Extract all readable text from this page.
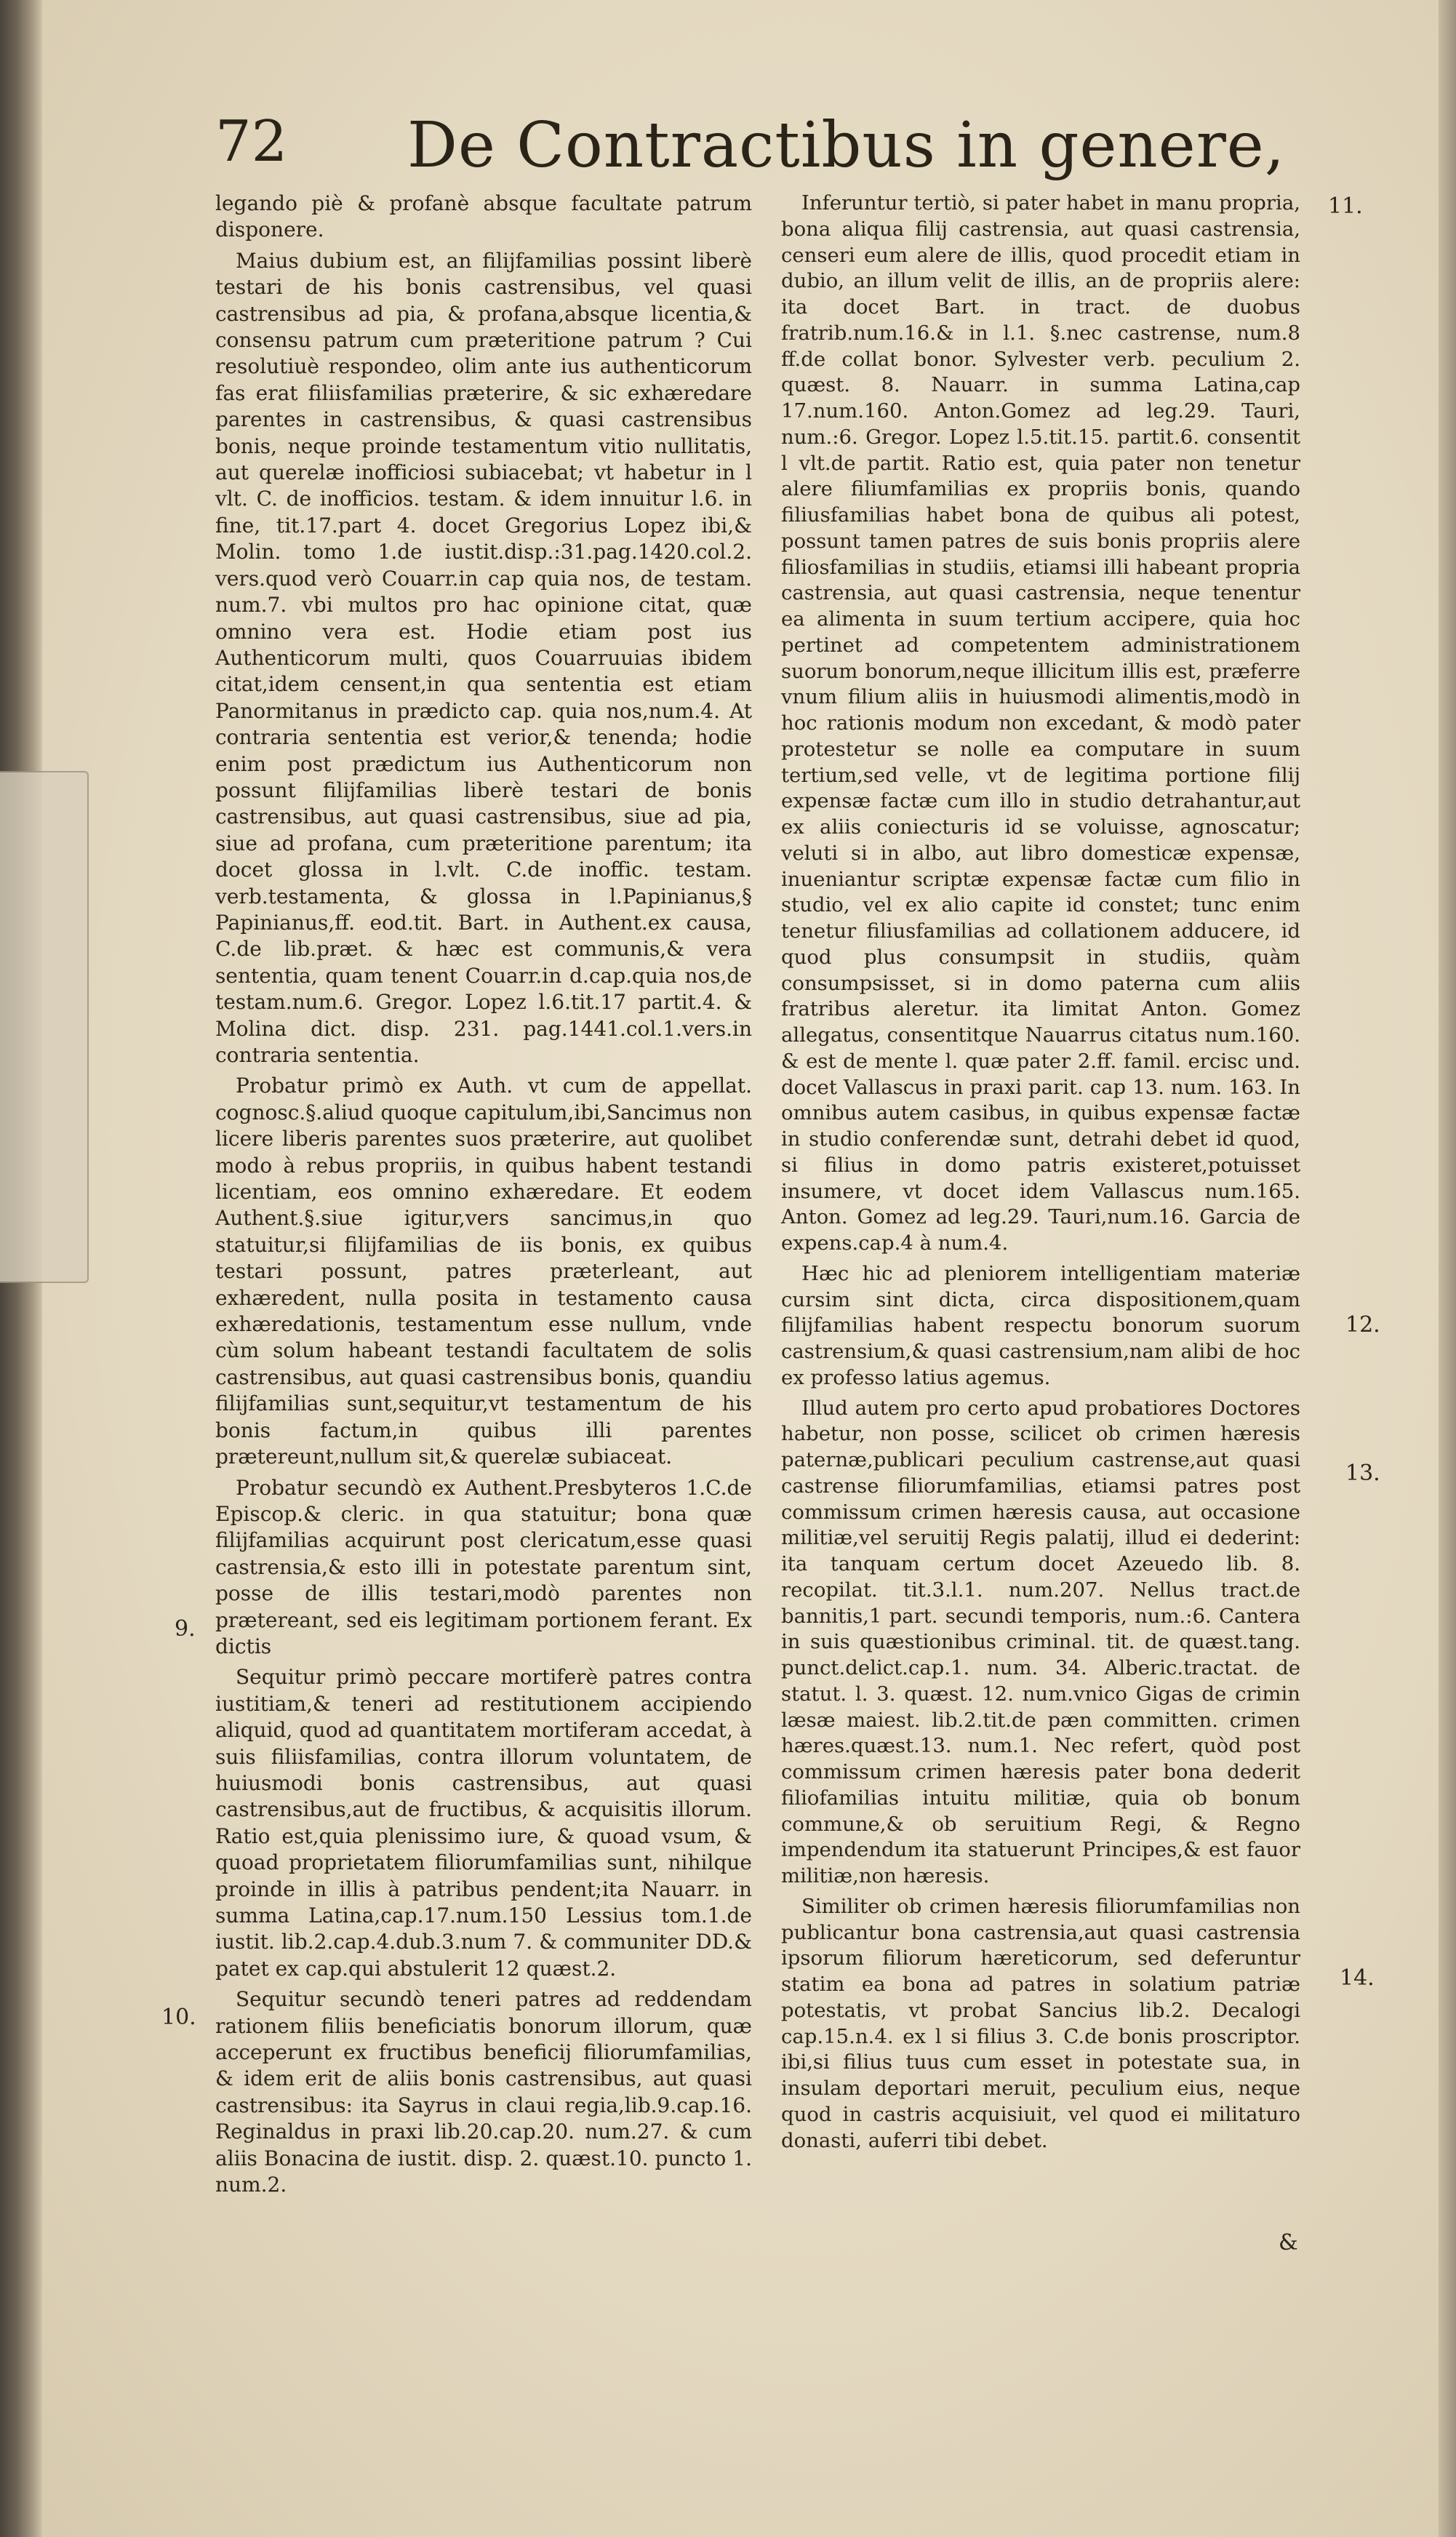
72 De Contractibus in genere,

legando piè & profanè absque facultate patrum disponere.

Maius dubium est, an filijfamilias possint liberè testari de his bonis castrensibus, vel quasi castrensibus ad pia, & profana,absque licentia,& consensu patrum cum præteritione patrum ? Cui resolutiuè respondeo, olim ante ius authenticorum fas erat filiisfamilias præterire, & sic exhæredare parentes in castrensibus, & quasi castrensibus bonis, neque proinde testamentum vitio nullitatis, aut querelæ inofficiosi subiacebat; vt habetur in l vlt. C. de inofficios. testam. & idem innuitur l.6. in fine, tit.17.part 4. docet Gregorius Lopez ibi,& Molin. tomo 1.de iustit.disp.:31.pag.1420.col.2. vers.quod verò Couarr.in cap quia nos, de testam. num.7. vbi multos pro hac opinione citat, quæ omnino vera est. Hodie etiam post ius Authenticorum multi, quos Couarruuias ibidem citat,idem censent,in qua sententia est etiam Panormitanus in prædicto cap. quia nos,num.4. At contraria sententia est verior,& tenenda; hodie enim post prædictum ius Authenticorum non possunt filijfamilias liberè testari de bonis castrensibus, aut quasi castrensibus, siue ad pia, siue ad profana, cum præteritione parentum; ita docet glossa in l.vlt. C.de inoffic. testam. verb.testamenta, & glossa in l.Papinianus,§ Papinianus,ff. eod.tit. Bart. in Authent.ex causa, C.de lib.præt. & hæc est communis,& vera sententia, quam tenent Couarr.in d.cap.quia nos,de testam.num.6. Gregor. Lopez l.6.tit.17 partit.4. & Molina dict. disp. 231. pag.1441.col.1.vers.in contraria sententia.

Probatur primò ex Auth. vt cum de appellat. cognosc.§.aliud quoque capitulum,ibi,Sancimus non licere liberis parentes suos præterire, aut quolibet modo à rebus propriis, in quibus habent testandi licentiam, eos omnino exhæredare. Et eodem Authent.§.siue igitur,vers sancimus,in quo statuitur,si filijfamilias de iis bonis, ex quibus testari possunt, patres præterleant, aut exhæredent, nulla posita in testamento causa exhæredationis, testamentum esse nullum, vnde cùm solum habeant testandi facultatem de solis castrensibus, aut quasi castrensibus bonis, quandiu filijfamilias sunt,sequitur,vt testamentum de his bonis factum,in quibus illi parentes prætereunt,nullum sit,& querelæ subiaceat.

Probatur secundò ex Authent.Presbyteros 1.C.de Episcop.& cleric. in qua statuitur; bona quæ filijfamilias acquirunt post clericatum,esse quasi castrensia,& esto illi in potestate parentum sint, posse de illis testari,modò parentes non prætereant, sed eis legitimam portionem ferant. Ex dictis

Sequitur primò peccare mortiferè patres contra iustitiam,& teneri ad restitutionem accipiendo aliquid, quod ad quantitatem mortiferam accedat, à suis filiisfamilias, contra illorum voluntatem, de huiusmodi bonis castrensibus, aut quasi castrensibus,aut de fructibus, & acquisitis illorum. Ratio est,quia plenissimo iure, & quoad vsum, & quoad proprietatem filiorumfamilias sunt, nihilque proinde in illis à patribus pendent;ita Nauarr. in summa Latina,cap.17.num.150 Lessius tom.1.de iustit. lib.2.cap.4.dub.3.num 7. & communiter DD.& patet ex cap.qui abstulerit 12 quæst.2.

Sequitur secundò teneri patres ad reddendam rationem filiis beneficiatis bonorum illorum, quæ acceperunt ex fructibus beneficij filiorumfamilias, & idem erit de aliis bonis castrensibus, aut quasi castrensibus: ita Sayrus in claui regia,lib.9.cap.16. Reginaldus in praxi lib.20.cap.20. num.27. & cum aliis Bonacina de iustit. disp. 2. quæst.10. puncto 1. num.2.

Inferuntur tertiò, si pater habet in manu propria, bona aliqua filij castrensia, aut quasi castrensia, censeri eum alere de illis, quod procedit etiam in dubio, an illum velit de illis, an de propriis alere: ita docet Bart. in tract. de duobus fratrib.num.16.& in l.1. §.nec castrense, num.8 ff.de collat bonor. Sylvester verb. peculium 2. quæst. 8. Nauarr. in summa Latina,cap 17.num.160. Anton.Gomez ad leg.29. Tauri, num.:6. Gregor. Lopez l.5.tit.15. partit.6. consentit l vlt.de partit. Ratio est, quia pater non tenetur alere filiumfamilias ex propriis bonis, quando filiusfamilias habet bona de quibus ali potest, possunt tamen patres de suis bonis propriis alere filiosfamilias in studiis, etiamsi illi habeant propria castrensia, aut quasi castrensia, neque tenentur ea alimenta in suum tertium accipere, quia hoc pertinet ad competentem administrationem suorum bonorum,neque illicitum illis est, præferre vnum filium aliis in huiusmodi alimentis,modò in hoc rationis modum non excedant, & modò pater protestetur se nolle ea computare in suum tertium,sed velle, vt de legitima portione filij expensæ factæ cum illo in studio detrahantur,aut ex aliis coniecturis id se voluisse, agnoscatur; veluti si in albo, aut libro domesticæ expensæ, inueniantur scriptæ expensæ factæ cum filio in studio, vel ex alio capite id constet; tunc enim tenetur filiusfamilias ad collationem adducere, id quod plus consumpsit in studiis, quàm consumpsisset, si in domo paterna cum aliis fratribus aleretur. ita limitat Anton. Gomez allegatus, consentitque Nauarrus citatus num.160. & est de mente l. quæ pater 2.ff. famil. ercisc und. docet Vallascus in praxi parit. cap 13. num. 163. In omnibus autem casibus, in quibus expensæ factæ in studio conferendæ sunt, detrahi debet id quod, si filius in domo patris existeret,potuisset insumere, vt docet idem Vallascus num.165. Anton. Gomez ad leg.29. Tauri,num.16. Garcia de expens.cap.4 à num.4.

Hæc hic ad pleniorem intelligentiam materiæ cursim sint dicta, circa dispositionem,quam filijfamilias habent respectu bonorum suorum castrensium,& quasi castrensium,nam alibi de hoc ex professo latius agemus.

Illud autem pro certo apud probatiores Doctores habetur, non posse, scilicet ob crimen hæresis paternæ,publicari peculium castrense,aut quasi castrense filiorumfamilias, etiamsi patres post commissum crimen hæresis causa, aut occasione militiæ,vel seruitij Regis palatij, illud ei dederint: ita tanquam certum docet Azeuedo lib. 8. recopilat. tit.3.l.1. num.207. Nellus tract.de bannitis,1 part. secundi temporis, num.:6. Cantera in suis quæstionibus criminal. tit. de quæst.tang. punct.delict.cap.1. num. 34. Alberic.tractat. de statut. l. 3. quæst. 12. num.vnico Gigas de crimin læsæ maiest. lib.2.tit.de pæn committen. crimen hæres.quæst.13. num.1. Nec refert, quòd post commissum crimen hæresis pater bona dederit filiofamilias intuitu militiæ, quia ob bonum commune,& ob seruitium Regi, & Regno impendendum ita statuerunt Principes,& est fauor militiæ,non hæresis.

Similiter ob crimen hæresis filiorumfamilias non publicantur bona castrensia,aut quasi castrensia ipsorum filiorum hæreticorum, sed deferuntur statim ea bona ad patres in solatium patriæ potestatis, vt probat Sancius lib.2. Decalogi cap.15.n.4. ex l si filius 3. C.de bonis proscriptor. ibi,si filius tuus cum esset in potestate sua, in insulam deportari meruit, peculium eius, neque quod in castris acquisiuit, vel quod ei militaturo donasti, auferri tibi debet.

9.
10.
11.
12.
13.
14.
&
